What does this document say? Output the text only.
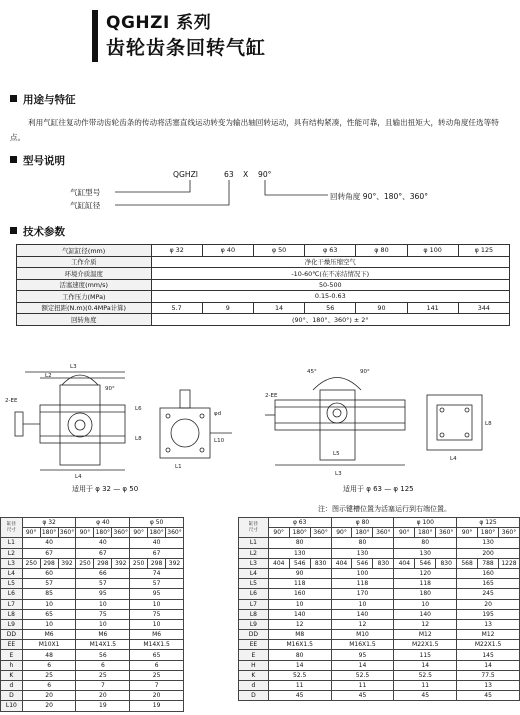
QGHZI 系列
齿轮齿条回转气缸
用途与特征
利用气缸往复动作带动齿轮齿条的传动将活塞直线运动转变为输出轴回转运动，具有结构紧凑，性能可靠，且输出扭矩大，转动角度任选等特点。
型号说明
QGHZI	63 X 90°
气缸型号
气缸缸径
回转角度 90°、180°、360°
技术参数
气缸缸径(mm)	φ 32	φ 40	φ 50	φ 63	φ 80	φ 100	φ 125
工作介质	净化干燥压缩空气						
环境介质温度	-10-60℃(在不冻结情况下)						
活塞速度(mm/s)	50-500						
工作压力(MPa)	0.15-0.63						
额定扭距(N.m)(0.4MPa计算)	5.7	9	14	56	90	141	344
回转角度	(90°、180°、360°) ± 2°						
L3
L2
2-EE
90°
L6
L8
L4
φd
L10
L1
适用于 φ 32 — φ 50
45°	90°
2-EE
L5
L3
L4
L8
适用于 φ 63 — φ 125
注：图示键槽位置为活塞运行到右端位置。
缸径
尺寸	φ 32			φ 40			φ 50		
	90°	180°	360°	90°	180°	360°	90°	180°	360°
L1	40			40			40		
L2	67			67			67		
L3	250	298	392	250	298	392	250	298	392
L4	60			66			74		
L5	57			57			57		
L6	85			95			95		
L7	10			10			10		
L8	65			75			75		
L9	10			10			10		
DD	M6			M6			M6		
EE	M10X1			M14X1.5			M14X1.5		
E	48			56			65		
h	6			6			6		
K	25			25			25		
d	6			7			7		
D	20			20			20		
L10	20			19			19		
缸径
尺寸	φ 63			φ 80			φ 100			φ 125		
	90°	180°	360°	90°	180°	360°	90°	180°	360°	90°	180°	360°
L1	80			80			80			130		
L2	130			130			130			200		
L3	404	546	830	404	546	830	404	546	830	568	788	1228
L4	90			100			120			160		
L5	118			118			118			165		
L6	160			170			180			245		
L7	10			10			10			20		
L8	140			140			140			195		
L9	12			12			12			13		
DD	M8			M10			M12			M12		
EE	M16X1.5			M16X1.5			M22X1.5			M22X1.5		
E	80			95			115			145		
H	14			14			14			14		
K	52.5			52.5			52.5			77.5		
d	11			11			11			13		
D	45			45			45			45		
